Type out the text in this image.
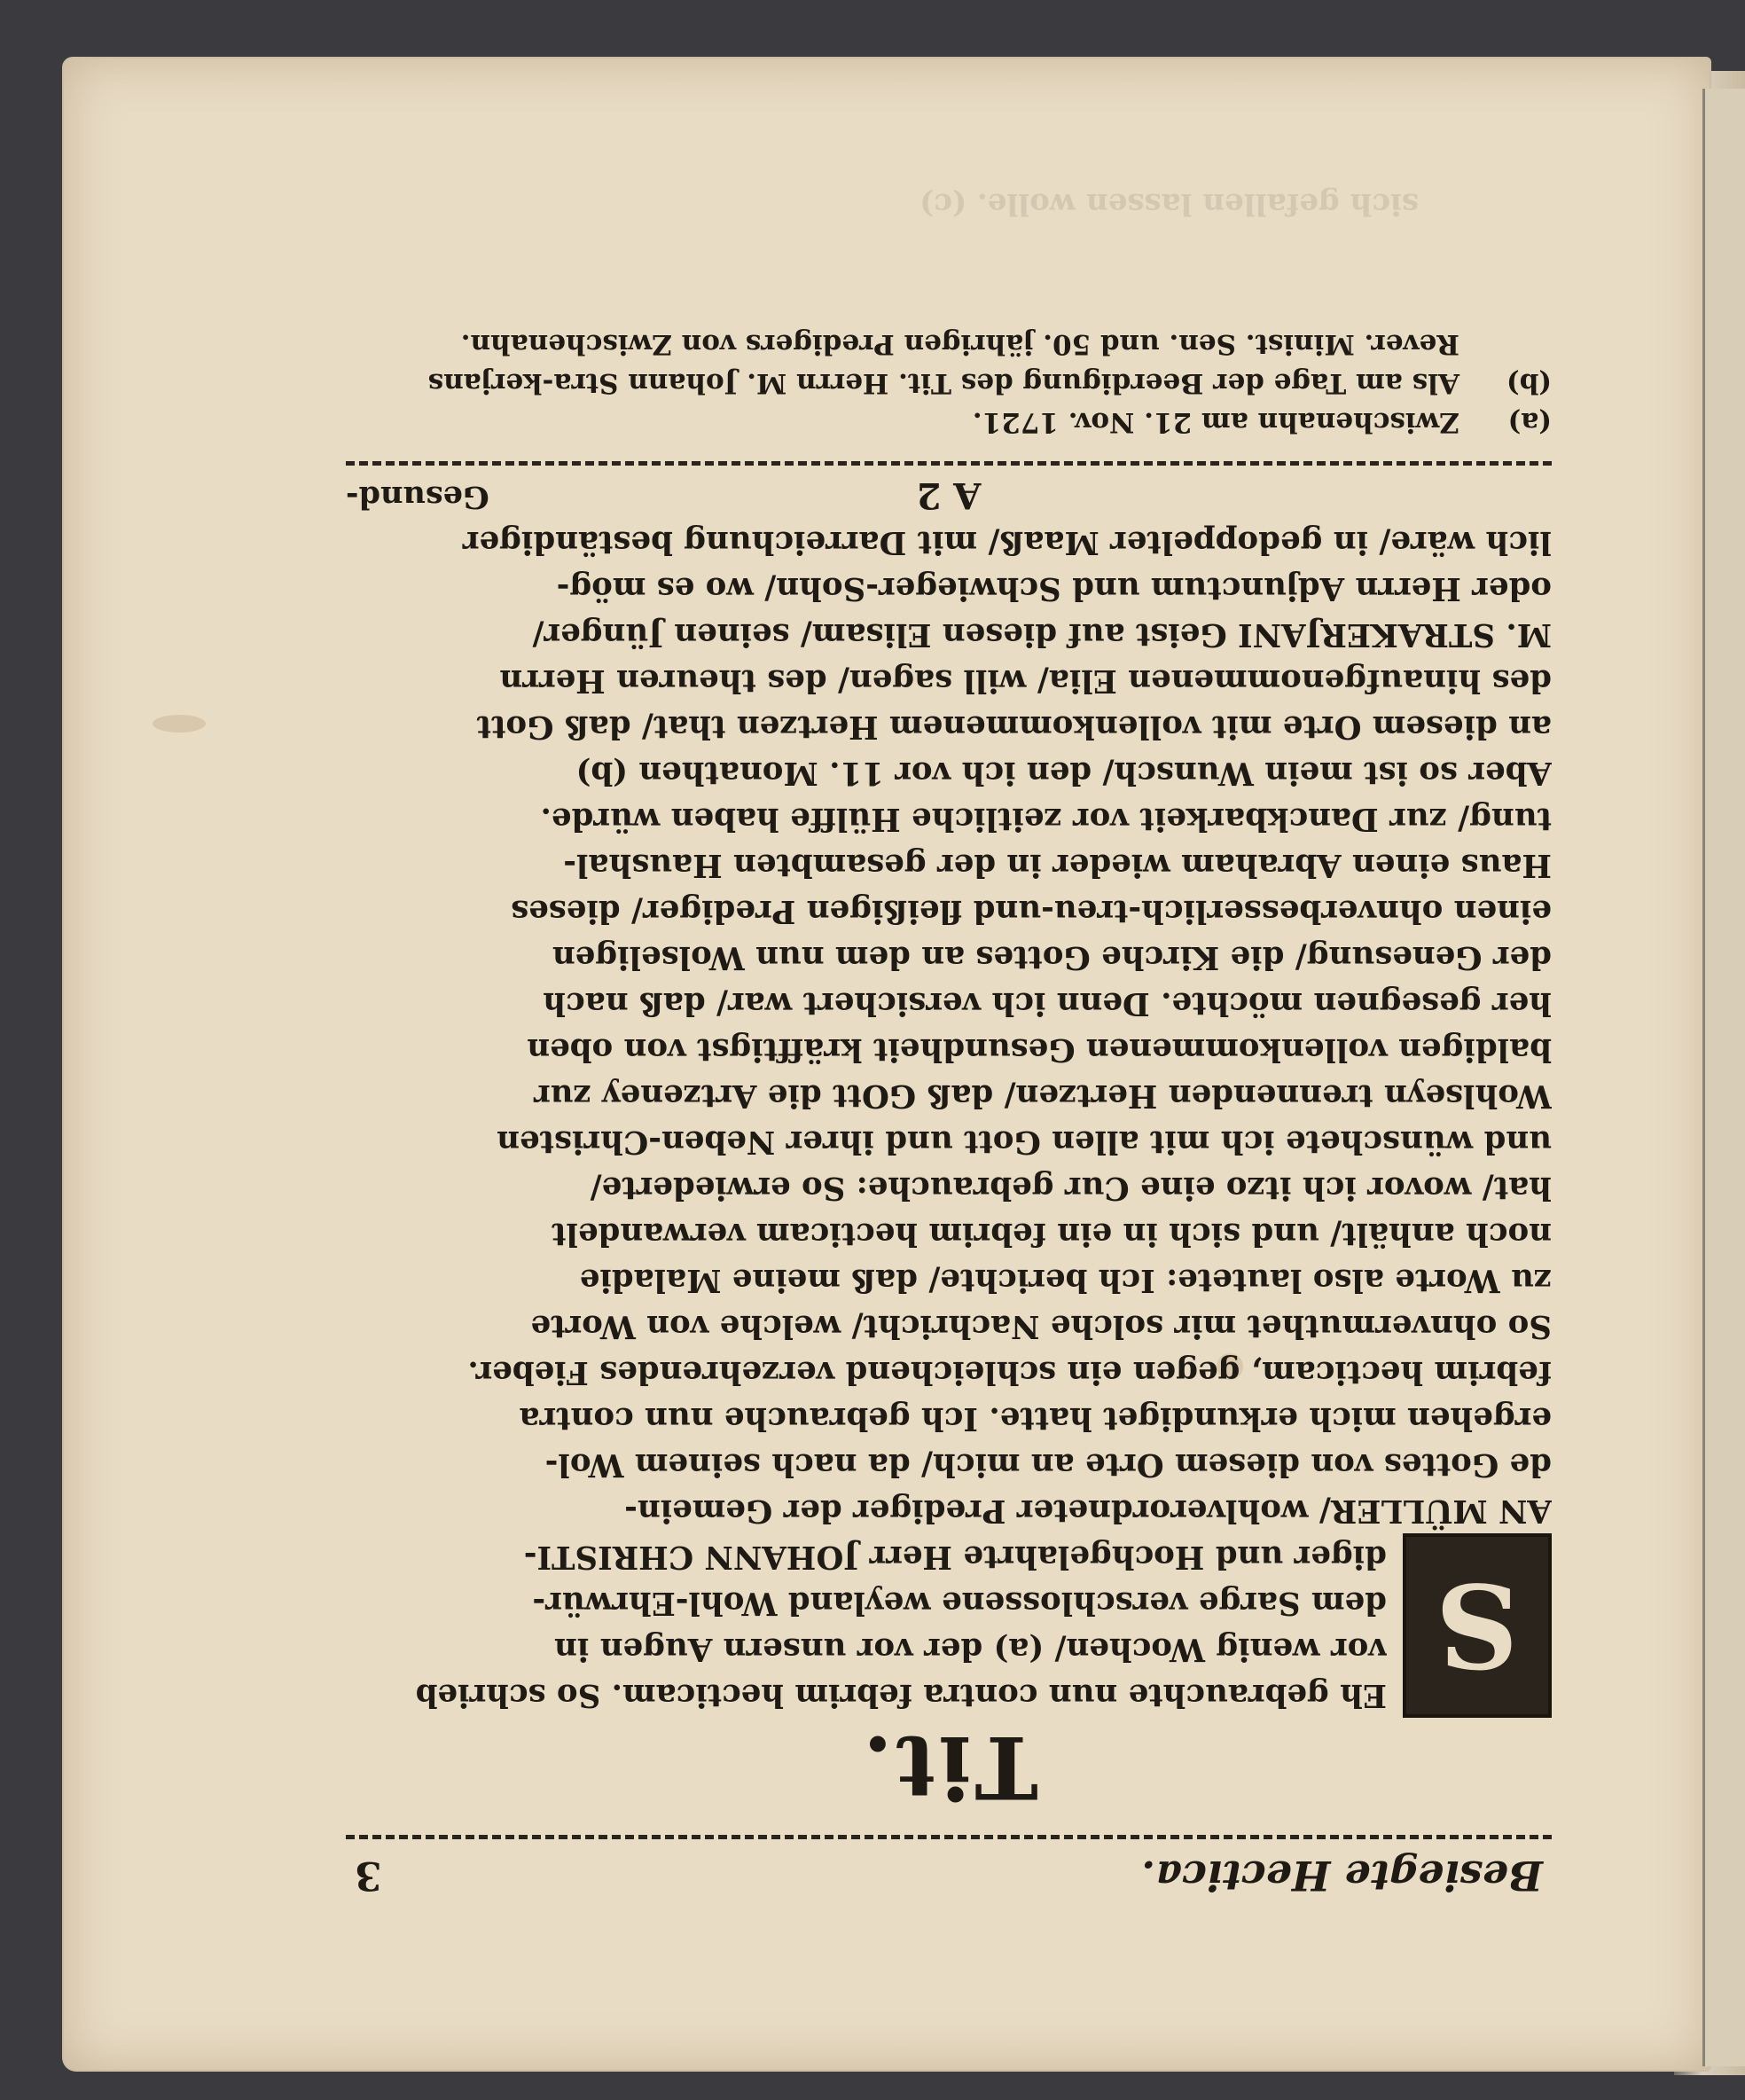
sich gefallen lassen wolle. (c)
Besiegte Hectica.
3
Tit.
S

Eh gebrauchte nun contra febrim hecticam. So schrieb
vor wenig Wochen/ (a) der vor unsern Augen in
dem Sarge verschlossene weyland Wohl-Ehrwür-
diger und Hochgelahrte Herr JOHANN CHRISTI-

AN MÜLLER/ wohlverordneter Prediger der Gemein-
de Gottes von diesem Orte an mich/ da nach seinem Wol-
ergehen mich erkundiget hatte. Ich gebrauche nun contra
febrim hecticam, gegen ein schleichend verzehrendes Fieber.
So ohnvermuthet mir solche Nachricht/ welche von Worte
zu Worte also lautete: Ich berichte/ daß meine Maladie
noch anhält/ und sich in ein febrim hecticam verwandelt
hat/ wovor ich itzo eine Cur gebrauche: So erwiederte/
und wünschete ich mit allen Gott und ihrer Neben-Christen
Wohlseyn trennenden Hertzen/ daß GOtt die Artzeney zur
baldigen vollenkommenen Gesundheit kräfftigst von oben
her gesegnen möchte. Denn ich versichert war/ daß nach
der Genesung/ die Kirche Gottes an dem nun Wolseligen
einen ohnverbesserlich-treu-und fleißigen Prediger/ dieses
Haus einen Abraham wieder in der gesambten Haushal-
tung/ zur Danckbarkeit vor zeitliche Hülffe haben würde.
Aber so ist mein Wunsch/ den ich vor 11. Monathen (b)
an diesem Orte mit vollenkommenem Hertzen that/ daß Gott
des hinaufgenommenen Elia/ will sagen/ des theuren Herrn
M. STRAKERJANI Geist auf diesen Elisam/ seinen Jünger/
oder Herrn Adjunctum und Schwieger-Sohn/ wo es mög-
lich wäre/ in gedoppelter Maaß/ mit Darreichung beständiger

A 2
Gesund-
(a)
Zwischenahn am 21. Nov. 1721.
(b)
Als am Tage der Beerdigung des Tit. Herrn M. Johann Stra-kerjans Rever. Minist. Sen. und 50. jährigen Predigers von Zwischenahn.
